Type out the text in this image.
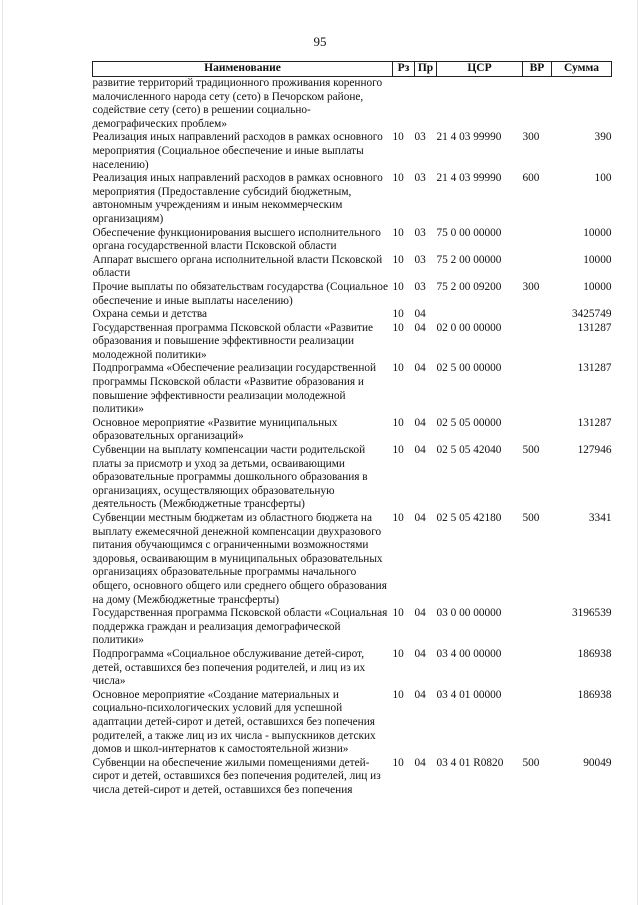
95
Наименование	Рз	Пр	ЦСР	ВР	Сумма
развитие территорий традиционного проживания коренного малочисленного народа сету (сето) в Печорском районе, содействие сету (сето) в решении социально-демографических проблем»					
Реализация иных направлений расходов в рамках основного мероприятия (Социальное обеспечение и иные выплаты населению)	10	03	21 4 03 99990	300	390
Реализация иных направлений расходов в рамках основного мероприятия (Предоставление субсидий бюджетным, автономным учреждениям и иным некоммерческим организациям)	10	03	21 4 03 99990	600	100
Обеспечение функционирования высшего исполнительного органа государственной власти Псковской области	10	03	75 0 00 00000		10000
Аппарат высшего органа исполнительной власти Псковской области	10	03	75 2 00 00000		10000
Прочие выплаты по обязательствам государства (Социальное обеспечение и иные выплаты населению)	10	03	75 2 00 09200	300	10000
Охрана семьи и детства	10	04			3425749
Государственная программа Псковской области «Развитие образования и повышение эффективности реализации молодежной политики»	10	04	02 0 00 00000		131287
Подпрограмма «Обеспечение реализации государственной программы Псковской области «Развитие образования и повышение эффективности реализации молодежной политики»	10	04	02 5 00 00000		131287
Основное мероприятие «Развитие муниципальных образовательных организаций»	10	04	02 5 05 00000		131287
Субвенции на выплату компенсации части родительской платы за присмотр и уход за детьми, осваивающими образовательные программы дошкольного образования в организациях, осуществляющих образовательную деятельность (Межбюджетные трансферты)	10	04	02 5 05 42040	500	127946
Субвенции местным бюджетам из областного бюджета на выплату ежемесячной денежной компенсации двухразового питания обучающимся с ограниченными возможностями здоровья, осваивающим в муниципальных образовательных организациях образовательные программы начального общего, основного общего или среднего общего образования на дому (Межбюджетные трансферты)	10	04	02 5 05 42180	500	3341
Государственная программа Псковской области «Социальная поддержка граждан и реализация демографической политики»	10	04	03 0 00 00000		3196539
Подпрограмма «Социальное обслуживание детей-сирот, детей, оставшихся без попечения родителей, и лиц из их числа»	10	04	03 4 00 00000		186938
Основное мероприятие «Создание материальных и социально-психологических условий для успешной адаптации детей-сирот и детей, оставшихся без попечения родителей, а также лиц из их числа - выпускников детских домов и школ-интернатов к самостоятельной жизни»	10	04	03 4 01 00000		186938
Субвенции на обеспечение жилыми помещениями детей-сирот и детей, оставшихся без попечения родителей, лиц из числа детей-сирот и детей, оставшихся без попечения	10	04	03 4 01 R0820	500	90049
